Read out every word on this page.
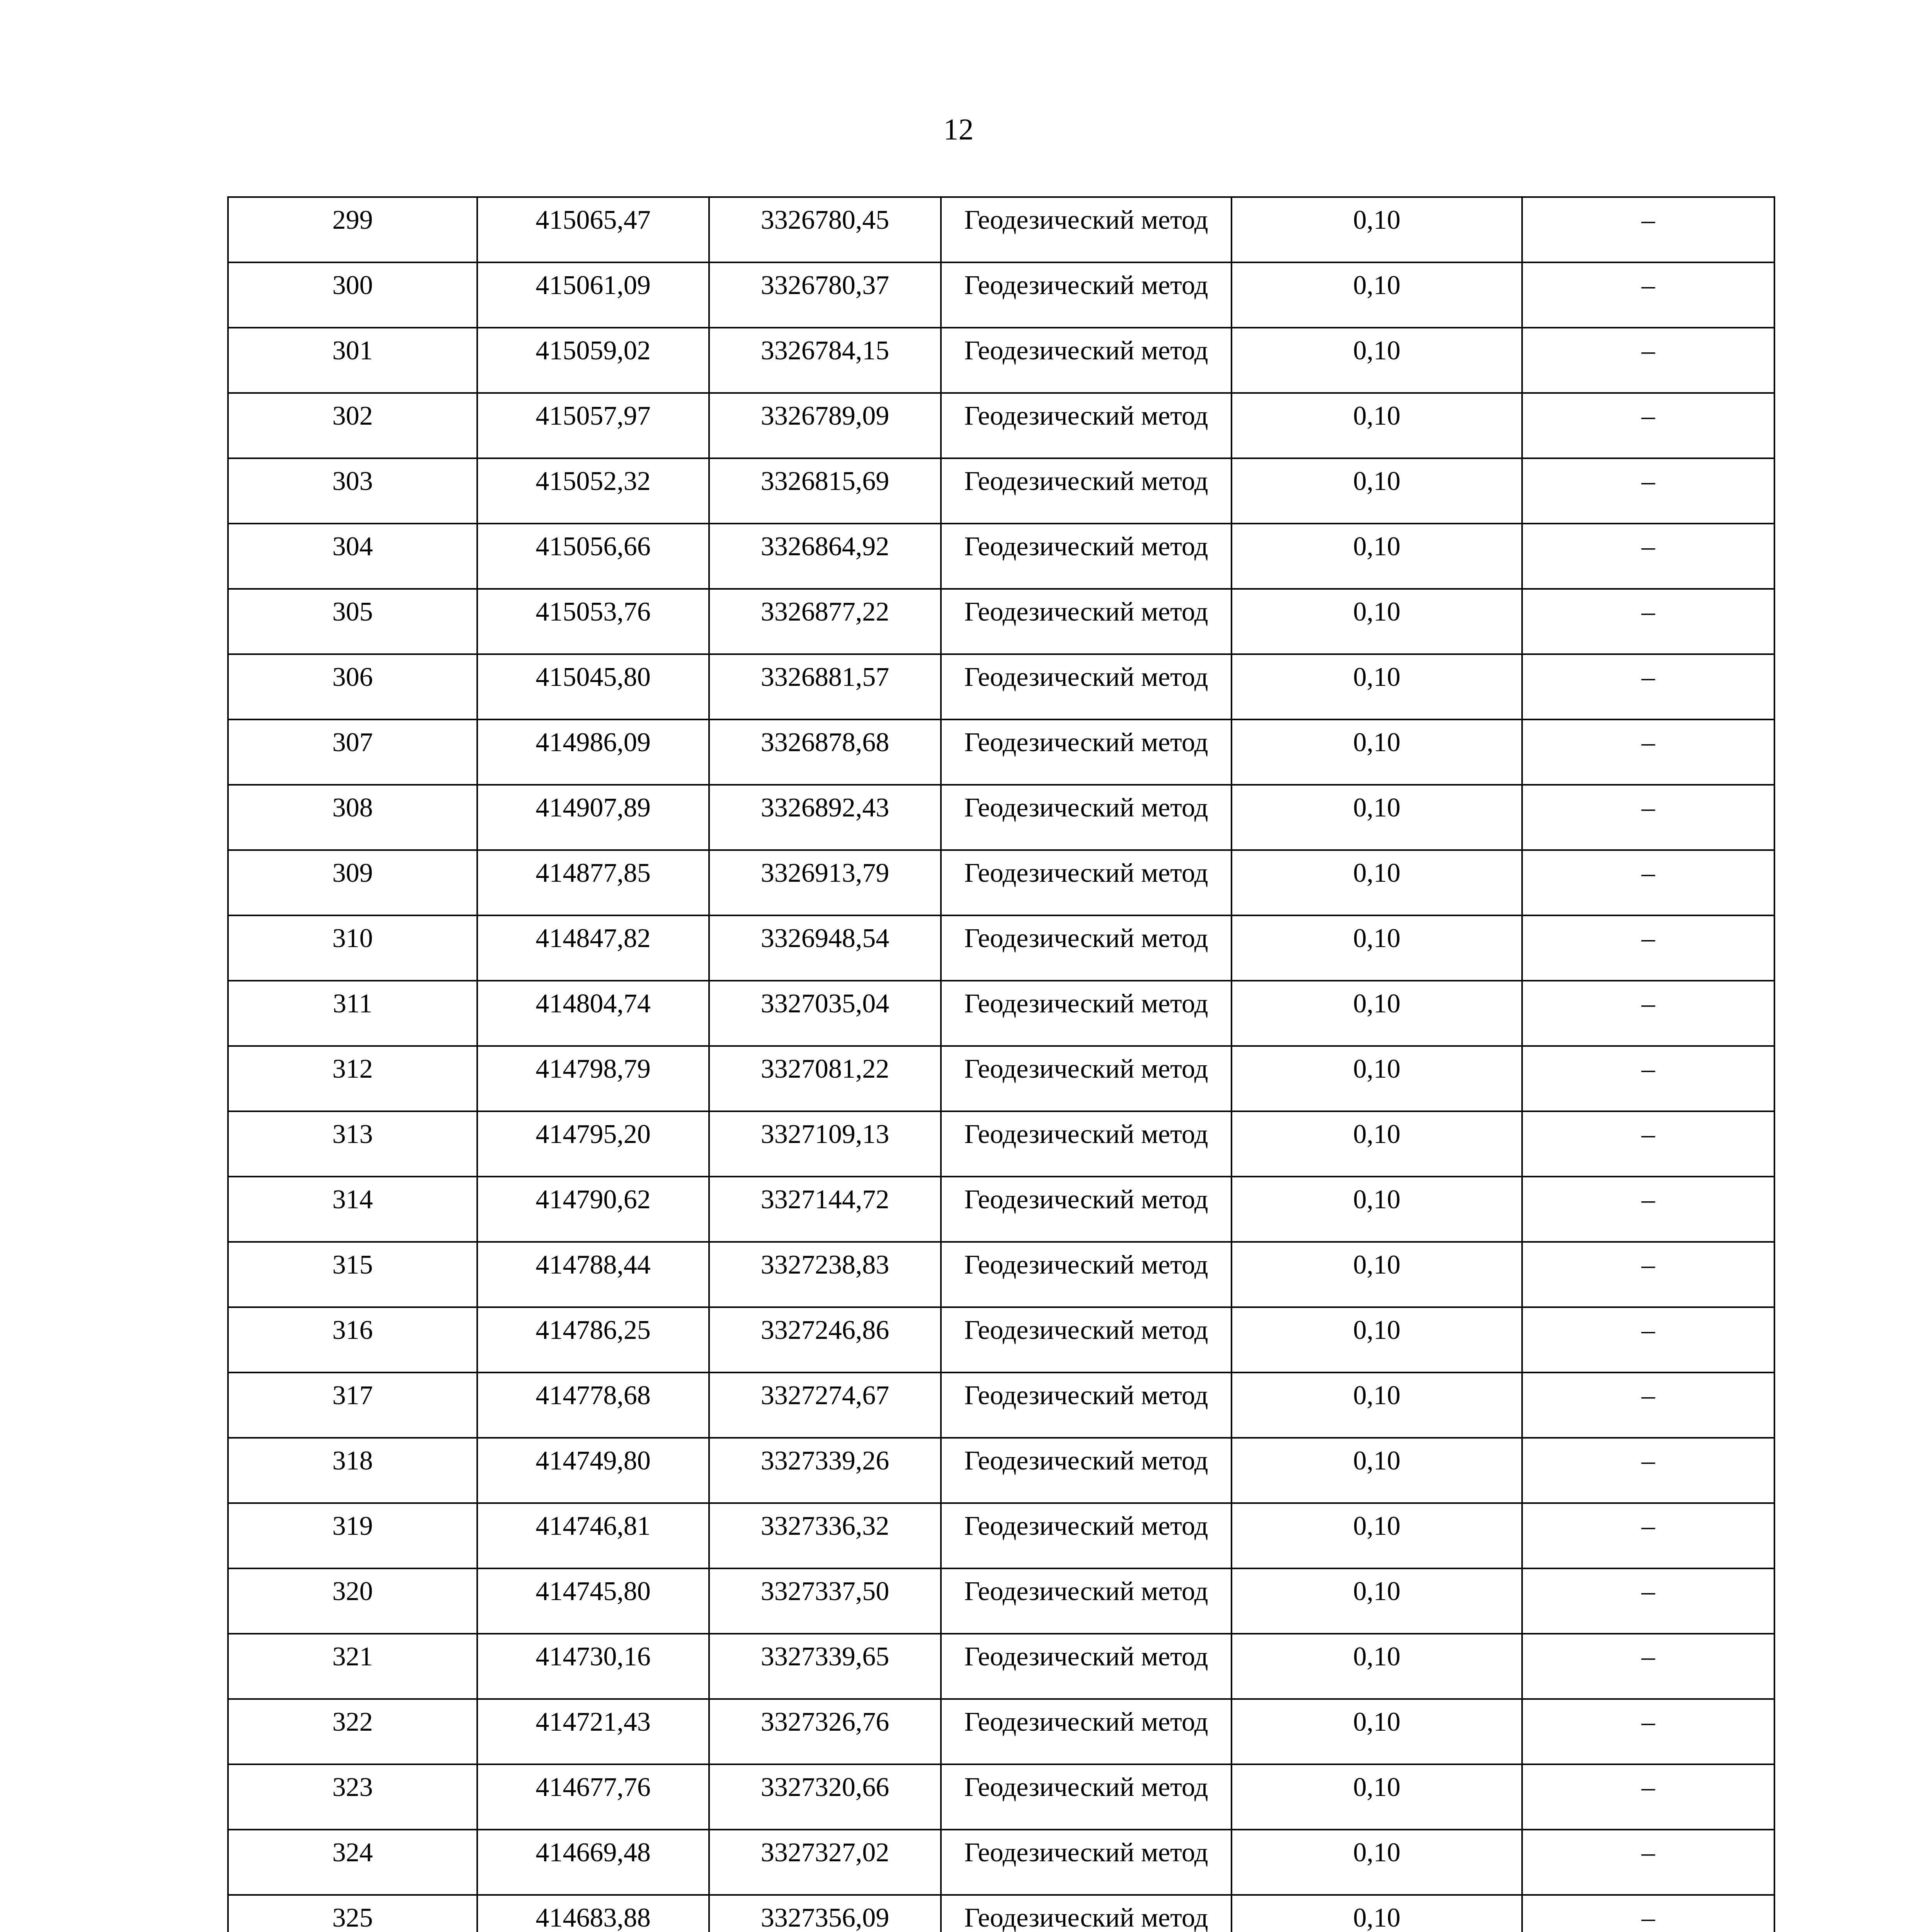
12
299	415065,47	3326780,45	Геодезический метод	0,10	–
300	415061,09	3326780,37	Геодезический метод	0,10	–
301	415059,02	3326784,15	Геодезический метод	0,10	–
302	415057,97	3326789,09	Геодезический метод	0,10	–
303	415052,32	3326815,69	Геодезический метод	0,10	–
304	415056,66	3326864,92	Геодезический метод	0,10	–
305	415053,76	3326877,22	Геодезический метод	0,10	–
306	415045,80	3326881,57	Геодезический метод	0,10	–
307	414986,09	3326878,68	Геодезический метод	0,10	–
308	414907,89	3326892,43	Геодезический метод	0,10	–
309	414877,85	3326913,79	Геодезический метод	0,10	–
310	414847,82	3326948,54	Геодезический метод	0,10	–
311	414804,74	3327035,04	Геодезический метод	0,10	–
312	414798,79	3327081,22	Геодезический метод	0,10	–
313	414795,20	3327109,13	Геодезический метод	0,10	–
314	414790,62	3327144,72	Геодезический метод	0,10	–
315	414788,44	3327238,83	Геодезический метод	0,10	–
316	414786,25	3327246,86	Геодезический метод	0,10	–
317	414778,68	3327274,67	Геодезический метод	0,10	–
318	414749,80	3327339,26	Геодезический метод	0,10	–
319	414746,81	3327336,32	Геодезический метод	0,10	–
320	414745,80	3327337,50	Геодезический метод	0,10	–
321	414730,16	3327339,65	Геодезический метод	0,10	–
322	414721,43	3327326,76	Геодезический метод	0,10	–
323	414677,76	3327320,66	Геодезический метод	0,10	–
324	414669,48	3327327,02	Геодезический метод	0,10	–
325	414683,88	3327356,09	Геодезический метод	0,10	–
